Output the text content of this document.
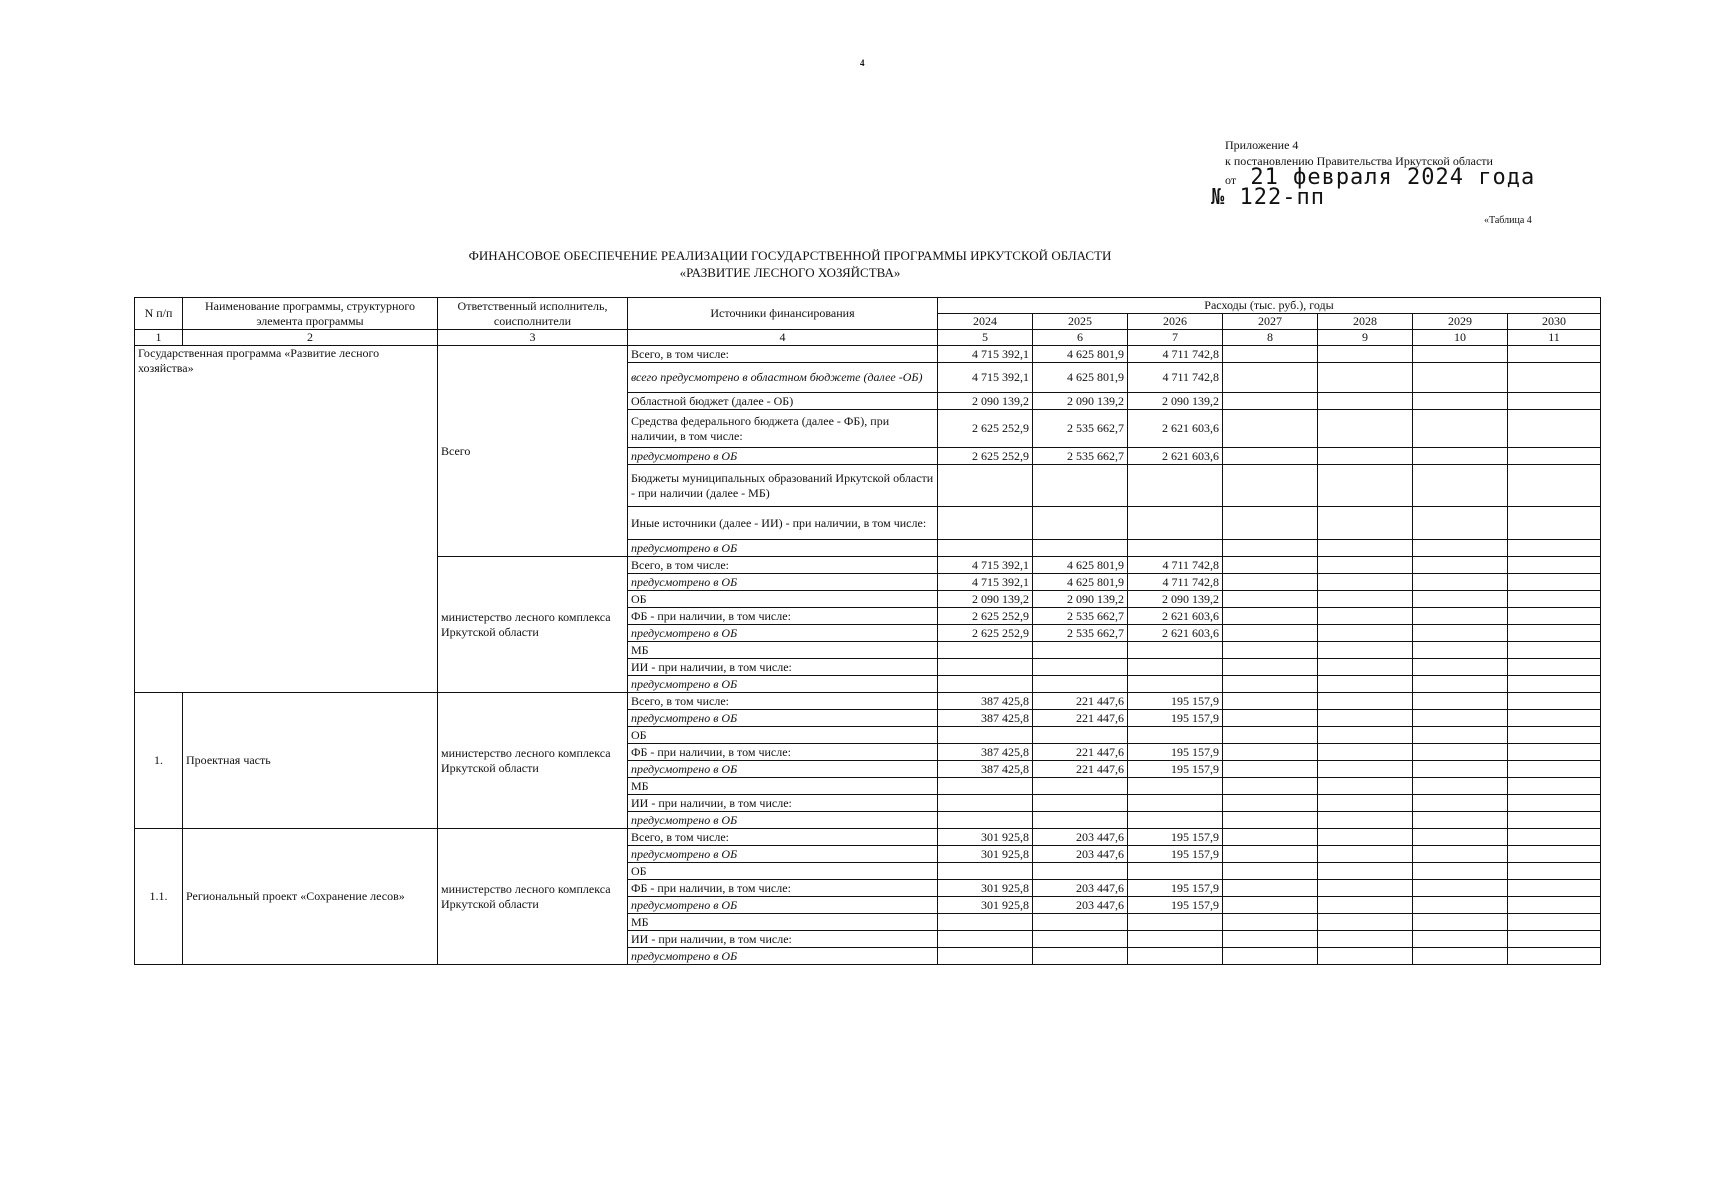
4
Приложение 4
к постановлению Правительства Иркутской области
от 21 февраля 2024 года
№ 122-пп
«Таблица 4
ФИНАНСОВОЕ ОБЕСПЕЧЕНИЕ РЕАЛИЗАЦИИ ГОСУДАРСТВЕННОЙ ПРОГРАММЫ ИРКУТСКОЙ ОБЛАСТИ
«РАЗВИТИЕ ЛЕСНОГО ХОЗЯЙСТВА»
N п/п	Наименование программы, структурного элемента программы	Ответственный исполнитель, соисполнители	Источники финансирования	Расходы (тыс. руб.), годы						
				2024	2025	2026	2027	2028	2029	2030
1	2	3	4	5	6	7	8	9	10	11
Государственная программа «Развитие лесного хозяйства»		Всего	Всего, в том числе:	4 715 392,1	4 625 801,9	4 711 742,8				
			всего предусмотрено в областном бюджете (далее -ОБ)	4 715 392,1	4 625 801,9	4 711 742,8				
			Областной бюджет (далее - ОБ)	2 090 139,2	2 090 139,2	2 090 139,2				
			Средства федерального бюджета (далее - ФБ), при наличии, в том числе:	2 625 252,9	2 535 662,7	2 621 603,6				
			предусмотрено в ОБ	2 625 252,9	2 535 662,7	2 621 603,6				
			Бюджеты муниципальных образований Иркутской области - при наличии (далее - МБ)							
			Иные источники (далее - ИИ) - при наличии, в том числе:							
			предусмотрено в ОБ							
		министерство лесного комплекса Иркутской области	Всего, в том числе:	4 715 392,1	4 625 801,9	4 711 742,8				
			предусмотрено в ОБ	4 715 392,1	4 625 801,9	4 711 742,8				
			ОБ	2 090 139,2	2 090 139,2	2 090 139,2				
			ФБ - при наличии, в том числе:	2 625 252,9	2 535 662,7	2 621 603,6				
			предусмотрено в ОБ	2 625 252,9	2 535 662,7	2 621 603,6				
			МБ							
			ИИ - при наличии, в том числе:							
			предусмотрено в ОБ							
1.	Проектная часть	министерство лесного комплекса Иркутской области	Всего, в том числе:	387 425,8	221 447,6	195 157,9				
			предусмотрено в ОБ	387 425,8	221 447,6	195 157,9				
			ОБ							
			ФБ - при наличии, в том числе:	387 425,8	221 447,6	195 157,9				
			предусмотрено в ОБ	387 425,8	221 447,6	195 157,9				
			МБ							
			ИИ - при наличии, в том числе:							
			предусмотрено в ОБ							
1.1.	Региональный проект «Сохранение лесов»	министерство лесного комплекса Иркутской области	Всего, в том числе:	301 925,8	203 447,6	195 157,9				
			предусмотрено в ОБ	301 925,8	203 447,6	195 157,9				
			ОБ							
			ФБ - при наличии, в том числе:	301 925,8	203 447,6	195 157,9				
			предусмотрено в ОБ	301 925,8	203 447,6	195 157,9				
			МБ							
			ИИ - при наличии, в том числе:							
			предусмотрено в ОБ							
